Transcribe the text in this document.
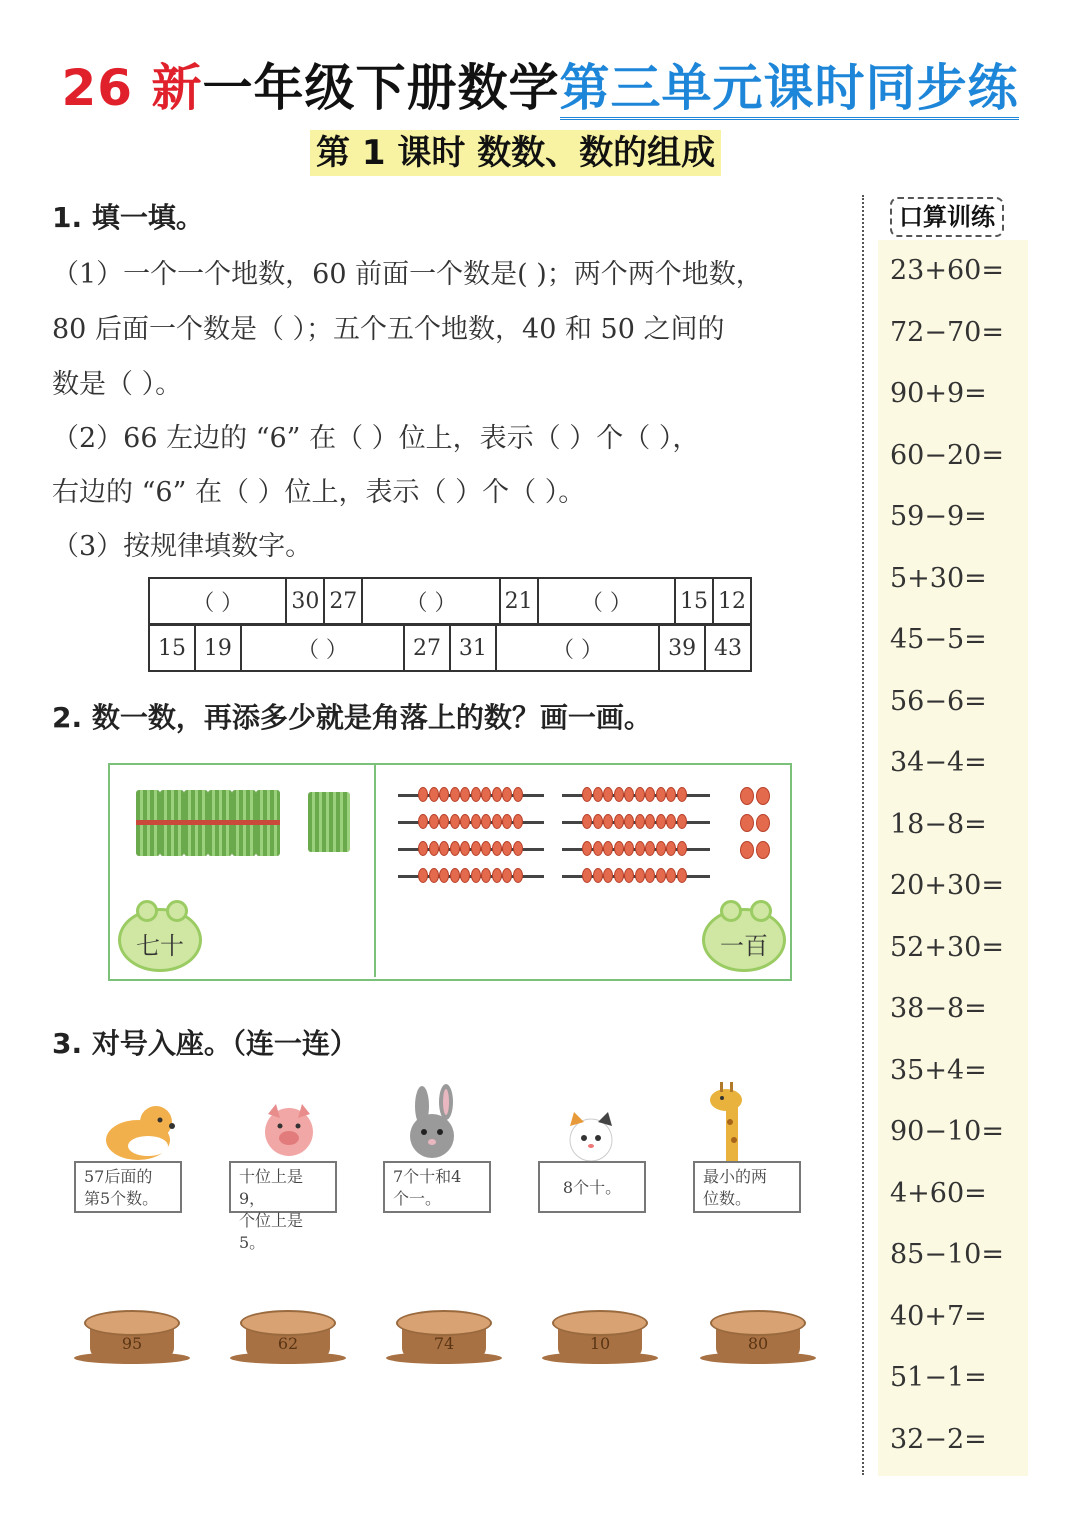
26 新一年级下册数学第三单元课时同步练
第 1 课时 数数、数的组成
1. 填一填。
（1）一个一个地数，60 前面一个数是( )；两个两个地数，
80 后面一个数是（ ）；五个五个地数，40 和 50 之间的
数是（ ）。
（2）66 左边的 “6” 在（ ）位上，表示（ ）个（ ），
右边的 “6” 在（ ）位上，表示（ ）个（ ）。
（3）按规律填数字。
（ ）	30	27	（ ）	21	（ ）	15	12
15	19	（ ）	27	31	（ ）	39	43
2. 数一数，再添多少就是角落上的数？画一画。
七十	一百
3. 对号入座。（连一连）
57后面的
第5个数。
十位上是9，
个位上是5。
7个十和4
个一。
8个十。
最小的两
位数。
95	62	74	10	80
口算训练
23+60=
72−70=
90+9=
60−20=
59−9=
5+30=
45−5=
56−6=
34−4=
18−8=
20+30=
52+30=
38−8=
35+4=
90−10=
4+60=
85−10=
40+7=
51−1=
32−2=
